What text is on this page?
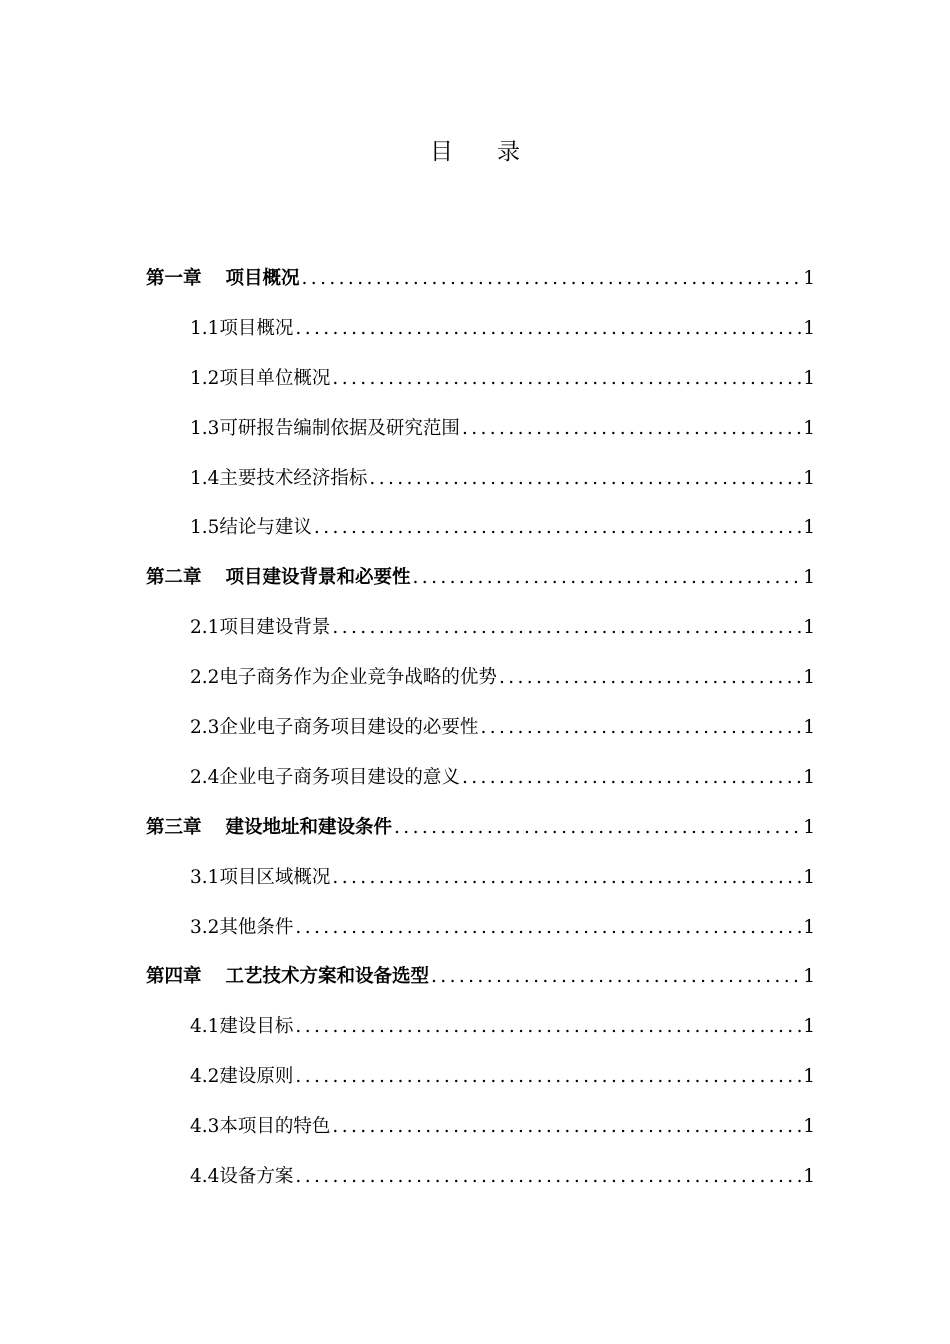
目 录
第一章 项目概况 .....	1
1.1项目概况 .....	1
1.2项目单位概况 .....	1
1.3可研报告编制依据及研究范围 .....	1
1.4主要技术经济指标 .....	1
1.5结论与建议 .....	1
第二章 项目建设背景和必要性 .....	1
2.1项目建设背景 .....	1
2.2电子商务作为企业竞争战略的优势 .....	1
2.3企业电子商务项目建设的必要性 .....	1
2.4企业电子商务项目建设的意义 .....	1
第三章 建设地址和建设条件 .....	1
3.1项目区域概况 .....	1
3.2其他条件 .....	1
第四章 工艺技术方案和设备选型 .....	1
4.1建设目标 .....	1
4.2建设原则 .....	1
4.3本项目的特色 .....	1
4.4设备方案 .....	1
